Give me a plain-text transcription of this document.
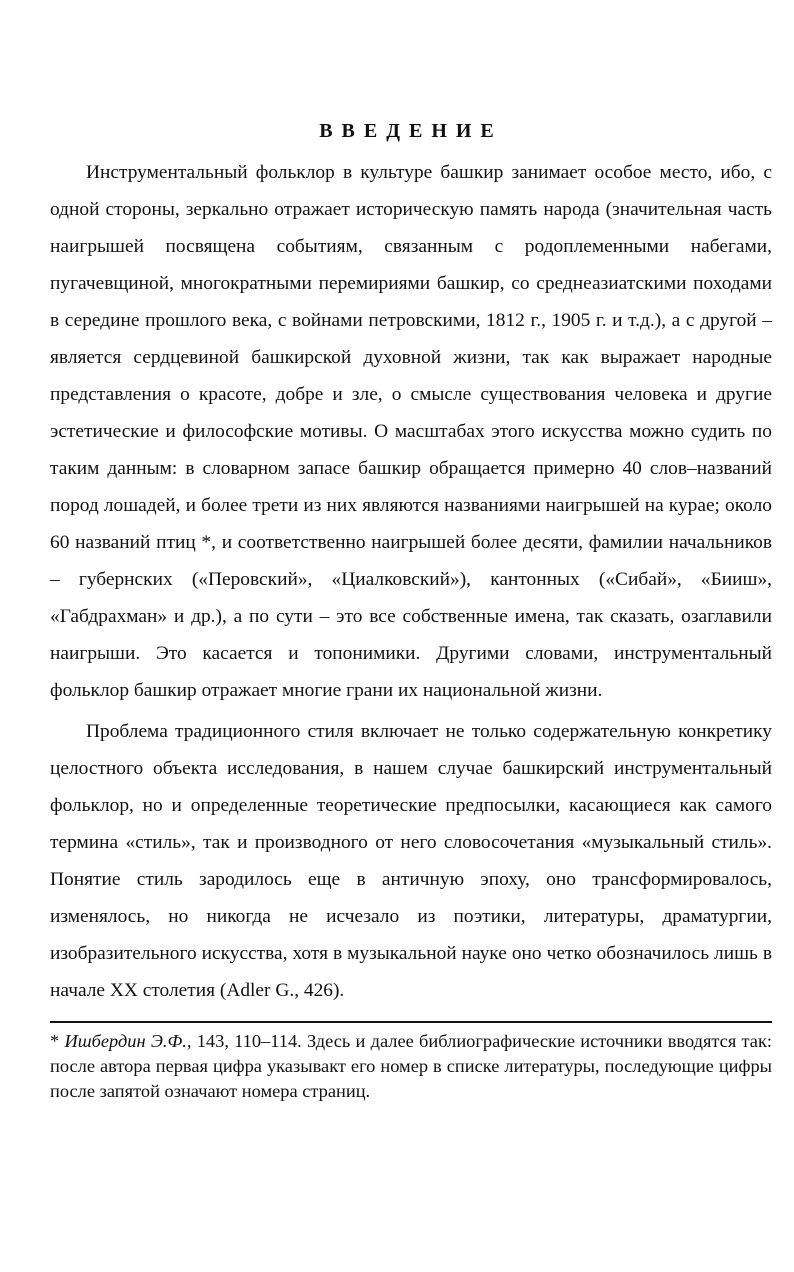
ВВЕДЕНИЕ

Инструментальный фольклор в культуре башкир занимает особое место, ибо, с одной стороны, зеркально отражает историческую память народа (значительная часть наигрышей посвящена событиям, связанным с родоплеменными набегами, пугачевщиной, многократными перемириями башкир, со среднеазиатскими походами в середине прошлого века, с войнами петровскими, 1812 г., 1905 г. и т.д.), а с другой – является сердцевиной башкирской духовной жизни, так как выражает народные представления о красоте, добре и зле, о смысле существования человека и другие эстетические и философские мотивы. О масштабах этого искусства можно судить по таким данным: в словарном запасе башкир обращается примерно 40 слов–названий пород лошадей, и более трети из них являются названиями наигрышей на курае; около 60 названий птиц *, и соответственно наигрышей более десяти, фамилии начальников – губернских («Перовский», «Циалковский»), кантонных («Сибай», «Бииш», «Габдрахман» и др.), а по сути – это все собственные имена, так сказать, озаглавили наигрыши. Это касается и топонимики. Другими словами, инструментальный фольклор башкир отражает многие грани их национальной жизни.

Проблема традиционного стиля включает не только содержательную конкретику целостного объекта исследования, в нашем случае башкирский инструментальный фольклор, но и определенные теоретические предпосылки, касающиеся как самого термина «стиль», так и производного от него словосочетания «музыкальный стиль». Понятие стиль зародилось еще в античную эпоху, оно трансформировалось, изменялось, но никогда не исчезало из поэтики, литературы, драматургии, изобразительного искусства, хотя в музыкальной науке оно четко обозначилось лишь в начале XX столетия (Adler G., 426).

* Ишбердин Э.Ф., 143, 110–114. Здесь и далее библиографические источники вводятся так: после автора первая цифра указывакт его номер в списке литературы, последующие цифры после запятой означают номера страниц.
